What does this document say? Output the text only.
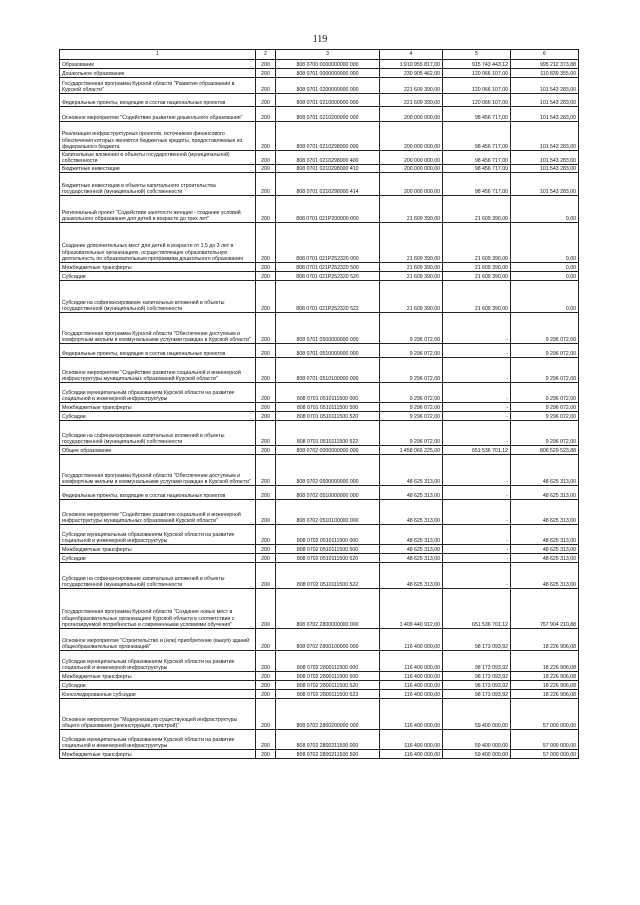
119
1	2	3	4	5	6
Образование	200	808 0700 0000000000 000	1 910 955 817,00	915 743 443,12	995 212 373,88
Дошкольное образование	200	808 0701 0000000000 000	230 905 462,00	120 066 107,00	110 839 355,00
Государственная программа Курской области "Развитие образования в Курской области"	200	808 0701 0200000000 000	221 609 390,00	120 066 107,00	101 543 283,00
Федеральные проекты, входящие в состав национальных проектов	200	808 0701 0210000000 000	221 609 390,00	120 066 107,00	101 543 283,00
Основное мероприятие "Содействие развитию дошкольного образования"	200	808 0701 0210200000 000	200 000 000,00	98 456 717,00	101 543 283,00
Реализация инфраструктурных проектов, источником финансового обеспечения которых являются бюджетные кредиты, предоставляемые из федерального бюджета	200	808 0701 0210298000 000	200 000 000,00	98 456 717,00	101 543 283,00
Капитальные вложения в объекты государственной (муниципальной) собственности	200	808 0701 0210298000 400	200 000 000,00	98 456 717,00	101 543 283,00
Бюджетные инвестиции	200	808 0701 0210298000 410	200 000 000,00	98 456 717,00	101 543 283,00
Бюджетные инвестиции в объекты капитального строительства государственной (муниципальной) собственности	200	808 0701 0210298000 414	200 000 000,00	98 456 717,00	101 543 283,00
Региональный проект "Содействие занятости женщин - создание условий дошкольного образования для детей в возрасте до трех лет"	200	808 0701 021P200000 000	21 609 390,00	21 609 390,00	0,00
Создание дополнительных мест для детей в возрасте от 1,5 до 3 лет в образовательных организациях, осуществляющих образовательную деятельность по образовательным программам дошкольного образования	200	808 0701 021P252320 000	21 609 390,00	21 609 390,00	0,00
Межбюджетные трансферты	200	808 0701 021P252320 500	21 609 390,00	21 609 390,00	0,00
Субсидии	200	808 0701 021P252320 520	21 609 390,00	21 609 390,00	0,00
Субсидии на софинансирование капитальных вложений в объекты государственной (муниципальной) собственности	200	808 0701 021P252320 522	21 609 390,00	21 609 390,00	0,00
Государственная программа Курской области "Обеспечение доступным и комфортным жильем и коммунальными услугами граждан в Курской области"	200	808 0701 0500000000 000	9 296 072,00	-	9 296 072,00
Федеральные проекты, входящие в состав национальных проектов	200	808 0701 0510000000 000	9 296 072,00	-	9 296 072,00
Основное мероприятие "Содействие развитию социальной и инженерной инфраструктуры муниципальных образований Курской области"	200	808 0701 0510100000 000	9 296 072,00	-	9 296 072,00
Субсидии муниципальным образованиям Курской области на развитие социальной и инженерной инфраструктуры	200	808 0701 0510111500 000	9 296 072,00	-	9 296 072,00
Межбюджетные трансферты	200	808 0701 0510111500 500	9 296 072,00	-	9 296 072,00
Субсидии	200	808 0701 0510111500 520	9 296 072,00	-	9 296 072,00
Субсидии на софинансирование капитальных вложений в объекты государственной (муниципальной) собственности	200	808 0701 0510111500 522	9 296 072,00	-	9 296 072,00
Общее образование	200	808 0702 0000000000 000	1 458 066 225,00	651 536 701,12	806 529 523,88
Государственная программа Курской области "Обеспечение доступным и комфортным жильем и коммунальными услугами граждан в Курской области"	200	808 0702 0500000000 000	48 625 313,00	-	48 625 313,00
Федеральные проекты, входящие в состав национальных проектов	200	808 0702 0510000000 000	48 625 313,00	-	48 625 313,00
Основное мероприятие "Содействие развитию социальной и инженерной инфраструктуры муниципальных образований Курской области"	200	808 0702 0510100000 000	48 625 313,00	-	48 625 313,00
Субсидии муниципальным образованиям Курской области на развитие социальной и инженерной инфраструктуры	200	808 0702 0510111500 000	48 625 313,00	-	48 625 313,00
Межбюджетные трансферты	200	808 0702 0510111500 500	48 625 313,00	-	48 625 313,00
Субсидии	200	808 0702 0510111500 520	48 625 313,00	-	48 625 313,00
Субсидии на софинансирование капитальных вложений в объекты государственной (муниципальной) собственности	200	808 0702 0510111500 522	48 625 313,00	-	48 625 313,00
Государственная программа Курской области "Создание новых мест в общеобразовательных организациях Курской области в соответствии с прогнозируемой потребностью и современными условиями обучения"	200	808 0702 2800000000 000	1 409 440 912,00	651 536 701,12	757 904 210,88
Основное мероприятие "Строительство и (или) приобретение (выкуп) зданий общеобразовательных организаций"	200	808 0702 2800100000 000	116 400 000,00	98 173 093,92	18 226 906,08
Субсидии муниципальным образованиям Курской области на развитие социальной и инженерной инфраструктуры	200	808 0702 2800111500 000	116 400 000,00	98 173 093,92	18 226 906,08
Межбюджетные трансферты	200	808 0702 2800111500 500	116 400 000,00	98 173 093,92	18 226 906,08
Субсидии	200	808 0702 2800111500 520	116 400 000,00	98 173 093,92	18 226 906,08
Консолидированные субсидии	200	808 0702 2800111500 523	116 400 000,00	98 173 093,92	18 226 906,08
Основное мероприятие "Модернизация существующей инфраструктуры общего образования (реконструкция, пристрой)"	200	808 0702 2800200000 000	116 400 000,00	59 400 000,00	57 000 000,00
Субсидии муниципальным образованиям Курской области на развитие социальной и инженерной инфраструктуры	200	808 0702 2800211500 000	116 400 000,00	59 400 000,00	57 000 000,00
Межбюджетные трансферты	200	808 0702 2800211500 500	116 400 000,00	59 400 000,00	57 000 000,00
